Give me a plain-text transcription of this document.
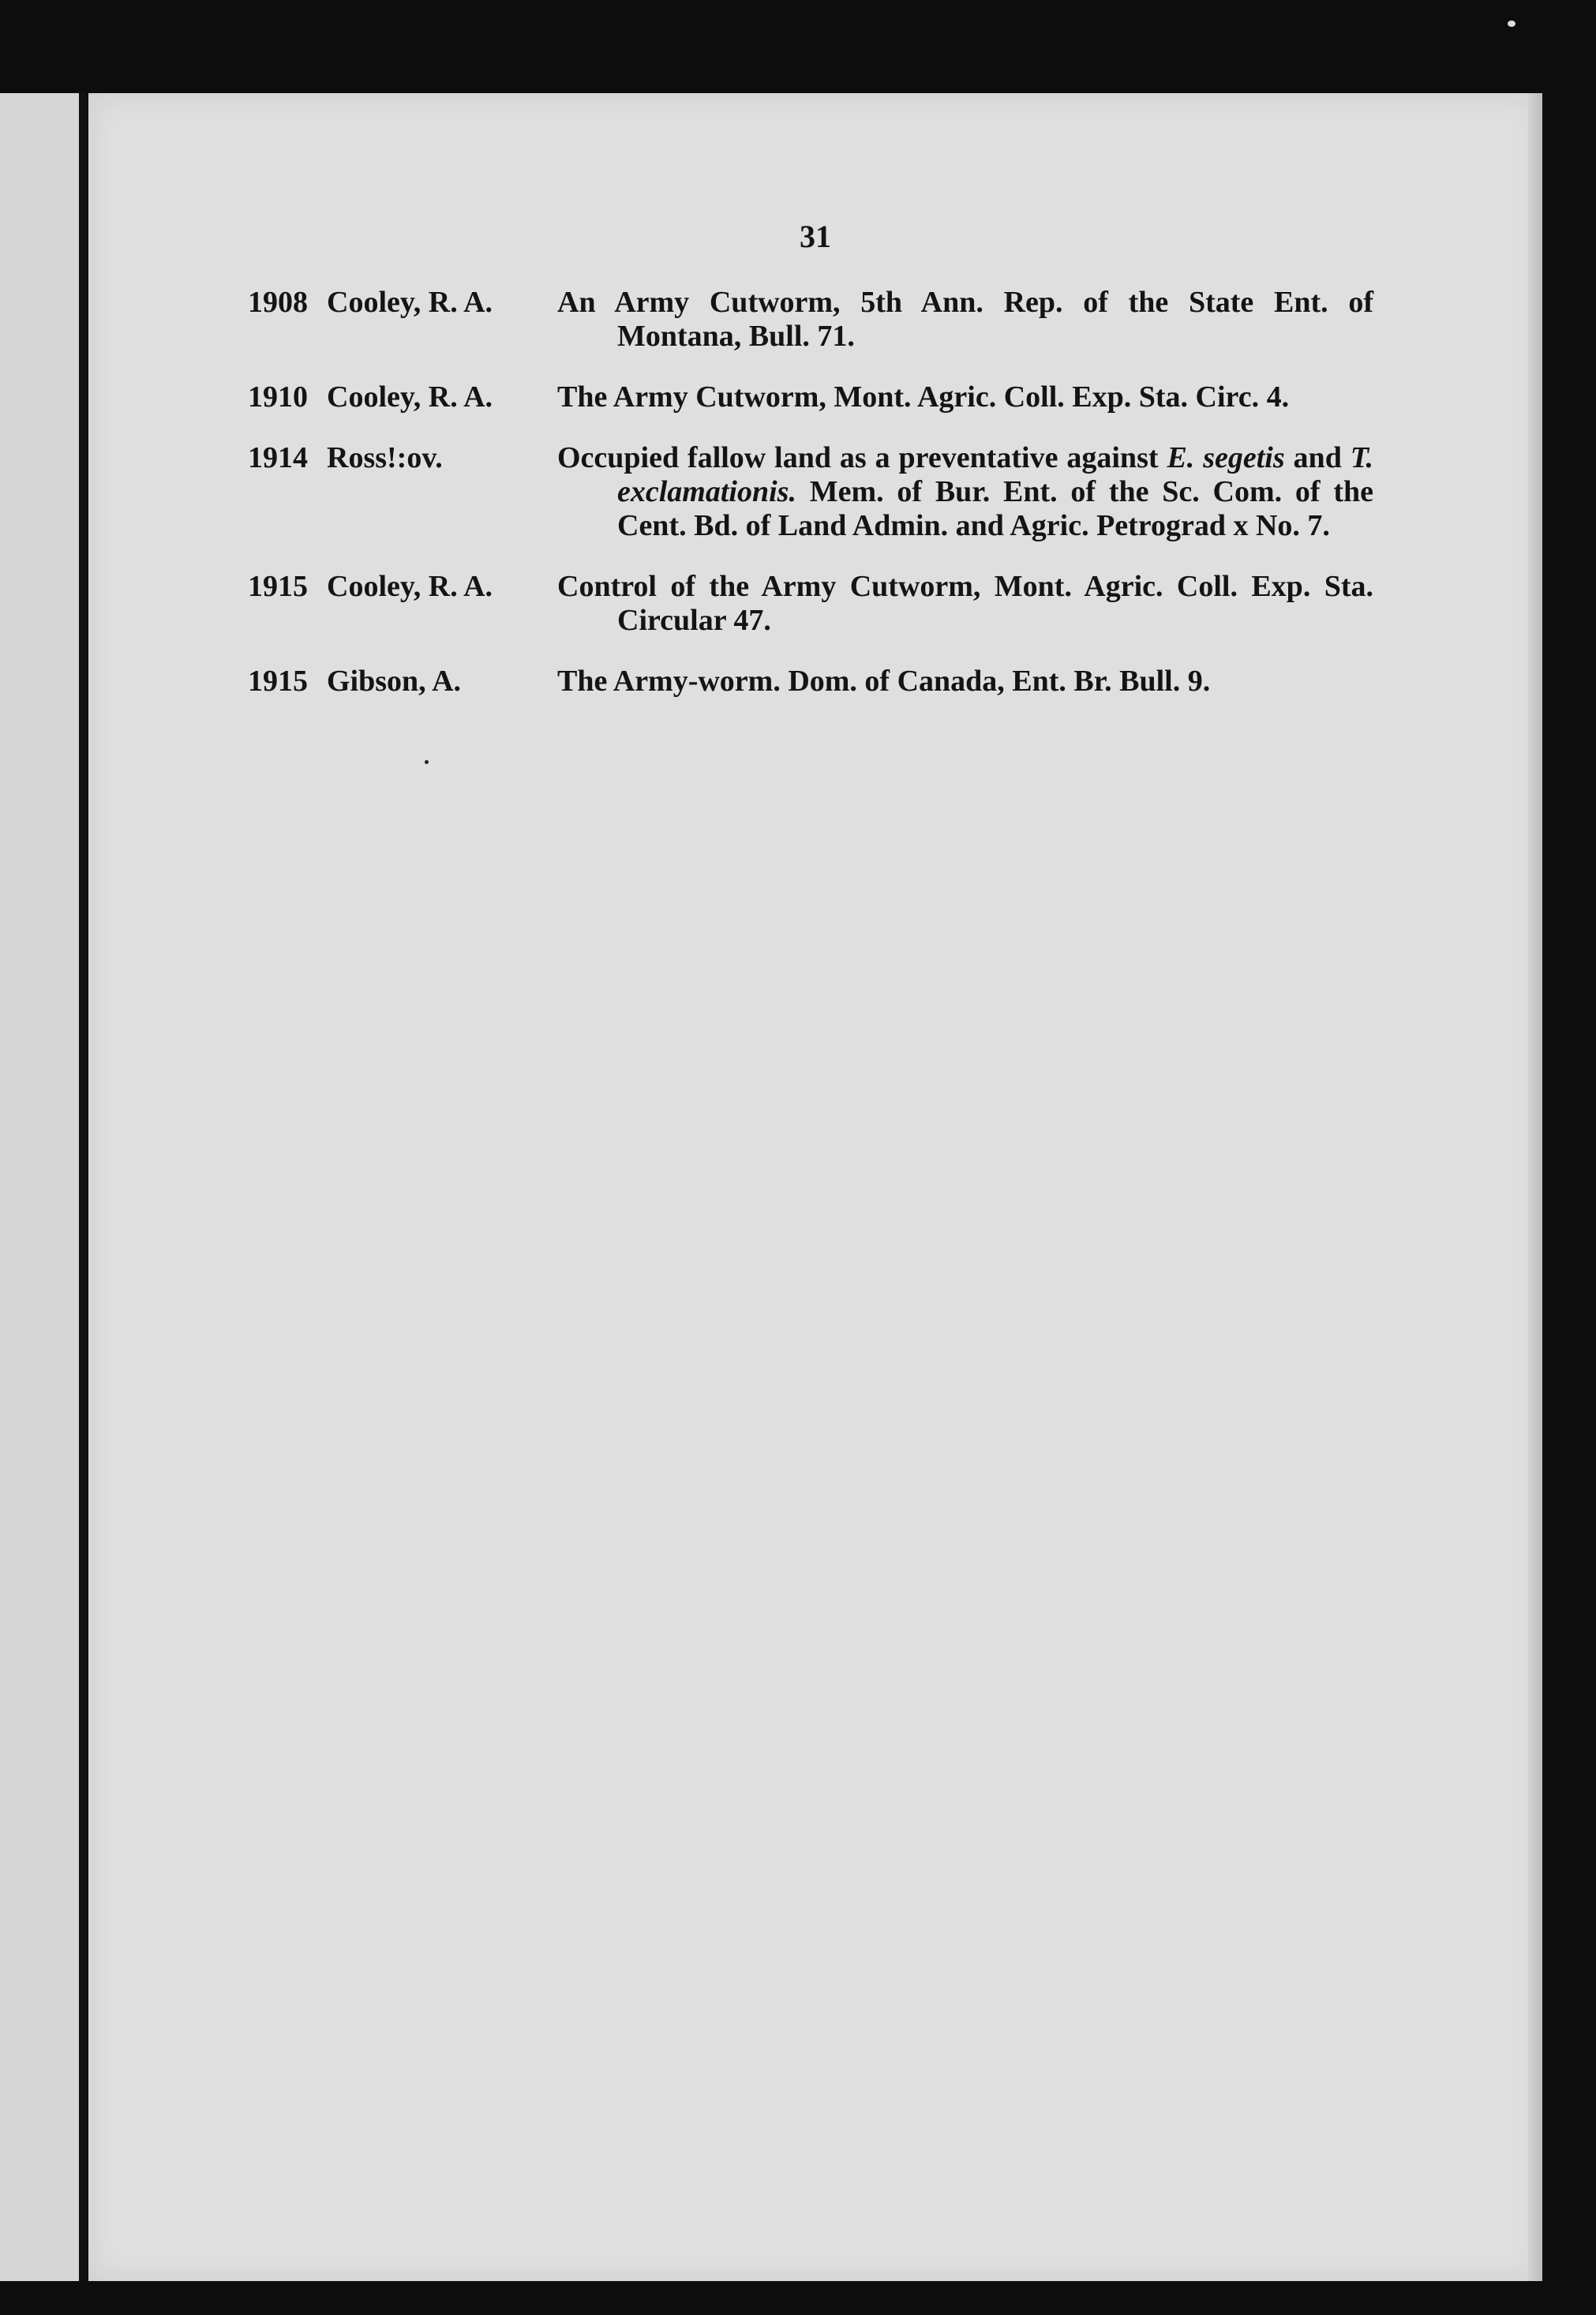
31
1908 Cooley, R. A.	An Army Cutworm, 5th Ann. Rep. of the State Ent. of Montana, Bull. 71.
1910 Cooley, R. A.	The Army Cutworm, Mont. Agric. Coll. Exp. Sta. Circ. 4.
1914 Ross!:ov.	Occupied fallow land as a preventative against E. segetis and T. exclamationis. Mem. of Bur. Ent. of the Sc. Com. of the Cent. Bd. of Land Admin. and Agric. Petrograd x No. 7.
1915 Cooley, R. A.	Control of the Army Cutworm, Mont. Agric. Coll. Exp. Sta. Circular 47.
1915 Gibson, A.	The Army-worm. Dom. of Canada, Ent. Br. Bull. 9.
